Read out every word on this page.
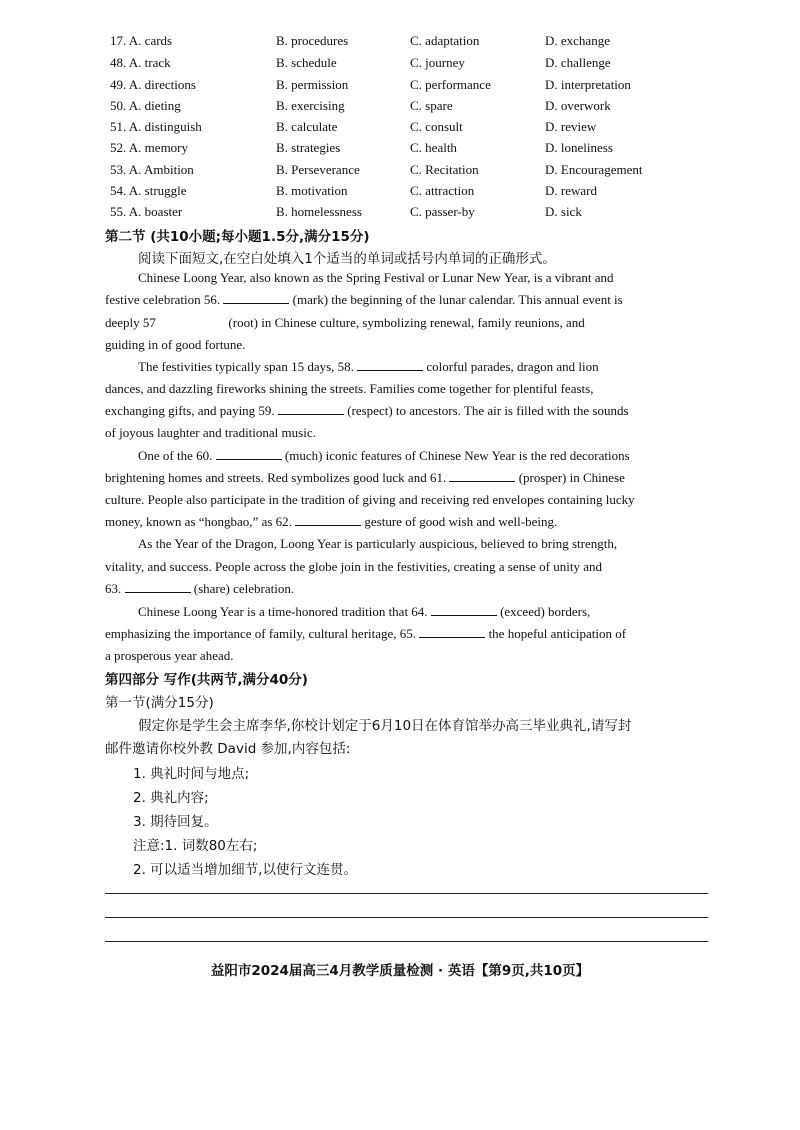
17. A. cards	B. procedures	C. adaptation	D. exchange
48. A. track	B. schedule	C. journey	D. challenge
49. A. directions	B. permission	C. performance	D. interpretation
50. A. dieting	B. exercising	C. spare	D. overwork
51. A. distinguish	B. calculate	C. consult	D. review
52. A. memory	B. strategies	C. health	D. loneliness
53. A. Ambition	B. Perseverance	C. Recitation	D. Encouragement
54. A. struggle	B. motivation	C. attraction	D. reward
55. A. boaster	B. homelessness	C. passer-by	D. sick
第二节 (共10小题;每小题1.5分,满分15分)
阅读下面短文,在空白处填入1个适当的单词或括号内单词的正确形式。
Chinese Loong Year, also known as the Spring Festival or Lunar New Year, is a vibrant and
festive celebration 56.	(mark) the beginning of the lunar calendar. This annual event is
deeply 57	(root) in Chinese culture, symbolizing renewal, family reunions, and
guiding in of good fortune.
The festivities typically span 15 days, 58.	colorful parades, dragon and lion
dances, and dazzling fireworks shining the streets. Families come together for plentiful feasts,
exchanging gifts, and paying 59.	(respect) to ancestors. The air is filled with the sounds
of joyous laughter and traditional music.
One of the 60.	(much) iconic features of Chinese New Year is the red decorations
brightening homes and streets. Red symbolizes good luck and 61.	(prosper) in Chinese
culture. People also participate in the tradition of giving and receiving red envelopes containing lucky
money, known as “hongbao,” as 62.	gesture of good wish and well-being.
As the Year of the Dragon, Loong Year is particularly auspicious, believed to bring strength,
vitality, and success. People across the globe join in the festivities, creating a sense of unity and
63.	(share) celebration.
Chinese Loong Year is a time-honored tradition that 64.	(exceed) borders,
emphasizing the importance of family, cultural heritage, 65.	the hopeful anticipation of
a prosperous year ahead.
第四部分 写作(共两节,满分40分)
第一节(满分15分)
假定你是学生会主席李华,你校计划定于6月10日在体育馆举办高三毕业典礼,请写封
邮件邀请你校外教 David 参加,内容包括:
1. 典礼时间与地点;
2. 典礼内容;
3. 期待回复。
注意:1. 词数80左右;
2. 可以适当增加细节,以使行文连贯。
益阳市2024届高三4月教学质量检测 · 英语【第9页,共10页】
